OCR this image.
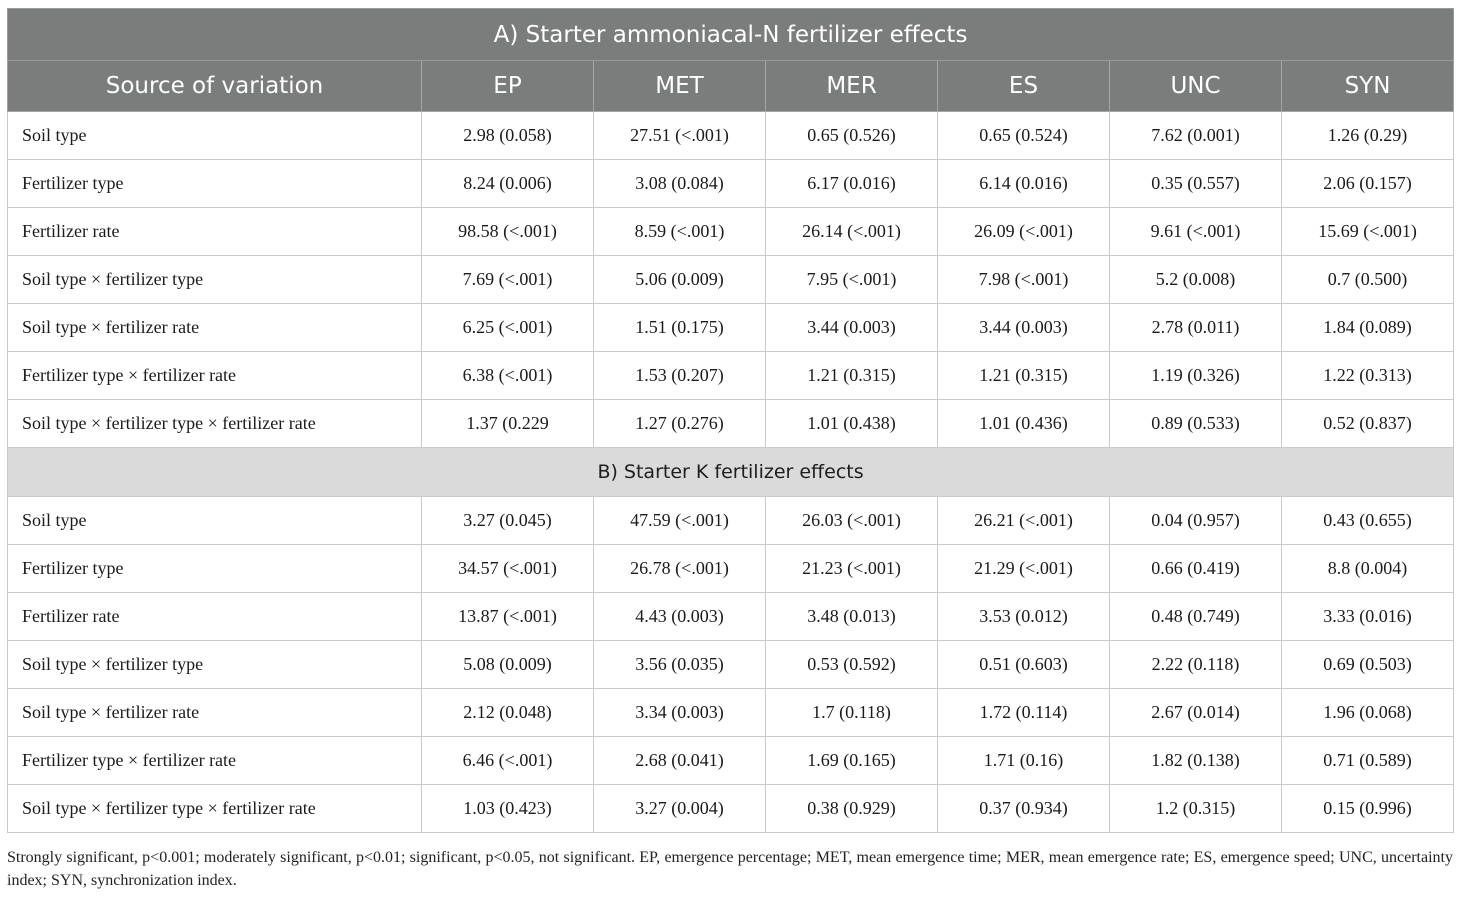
A) Starter ammoniacal-N fertilizer effects						
Source of variation	EP	MET	MER	ES	UNC	SYN
Soil type	2.98 (0.058)	27.51 (<.001)	0.65 (0.526)	0.65 (0.524)	7.62 (0.001)	1.26 (0.29)
Fertilizer type	8.24 (0.006)	3.08 (0.084)	6.17 (0.016)	6.14 (0.016)	0.35 (0.557)	2.06 (0.157)
Fertilizer rate	98.58 (<.001)	8.59 (<.001)	26.14 (<.001)	26.09 (<.001)	9.61 (<.001)	15.69 (<.001)
Soil type × fertilizer type	7.69 (<.001)	5.06 (0.009)	7.95 (<.001)	7.98 (<.001)	5.2 (0.008)	0.7 (0.500)
Soil type × fertilizer rate	6.25 (<.001)	1.51 (0.175)	3.44 (0.003)	3.44 (0.003)	2.78 (0.011)	1.84 (0.089)
Fertilizer type × fertilizer rate	6.38 (<.001)	1.53 (0.207)	1.21 (0.315)	1.21 (0.315)	1.19 (0.326)	1.22 (0.313)
Soil type × fertilizer type × fertilizer rate	1.37 (0.229	1.27 (0.276)	1.01 (0.438)	1.01 (0.436)	0.89 (0.533)	0.52 (0.837)
B) Starter K fertilizer effects						
Soil type	3.27 (0.045)	47.59 (<.001)	26.03 (<.001)	26.21 (<.001)	0.04 (0.957)	0.43 (0.655)
Fertilizer type	34.57 (<.001)	26.78 (<.001)	21.23 (<.001)	21.29 (<.001)	0.66 (0.419)	8.8 (0.004)
Fertilizer rate	13.87 (<.001)	4.43 (0.003)	3.48 (0.013)	3.53 (0.012)	0.48 (0.749)	3.33 (0.016)
Soil type × fertilizer type	5.08 (0.009)	3.56 (0.035)	0.53 (0.592)	0.51 (0.603)	2.22 (0.118)	0.69 (0.503)
Soil type × fertilizer rate	2.12 (0.048)	3.34 (0.003)	1.7 (0.118)	1.72 (0.114)	2.67 (0.014)	1.96 (0.068)
Fertilizer type × fertilizer rate	6.46 (<.001)	2.68 (0.041)	1.69 (0.165)	1.71 (0.16)	1.82 (0.138)	0.71 (0.589)
Soil type × fertilizer type × fertilizer rate	1.03 (0.423)	3.27 (0.004)	0.38 (0.929)	0.37 (0.934)	1.2 (0.315)	0.15 (0.996)
Strongly significant, p<0.001; moderately significant, p<0.01; significant, p<0.05, not significant. EP, emergence percentage; MET, mean emergence time; MER, mean emergence rate; ES, emergence speed; UNC, uncertainty index; SYN, synchronization index.
